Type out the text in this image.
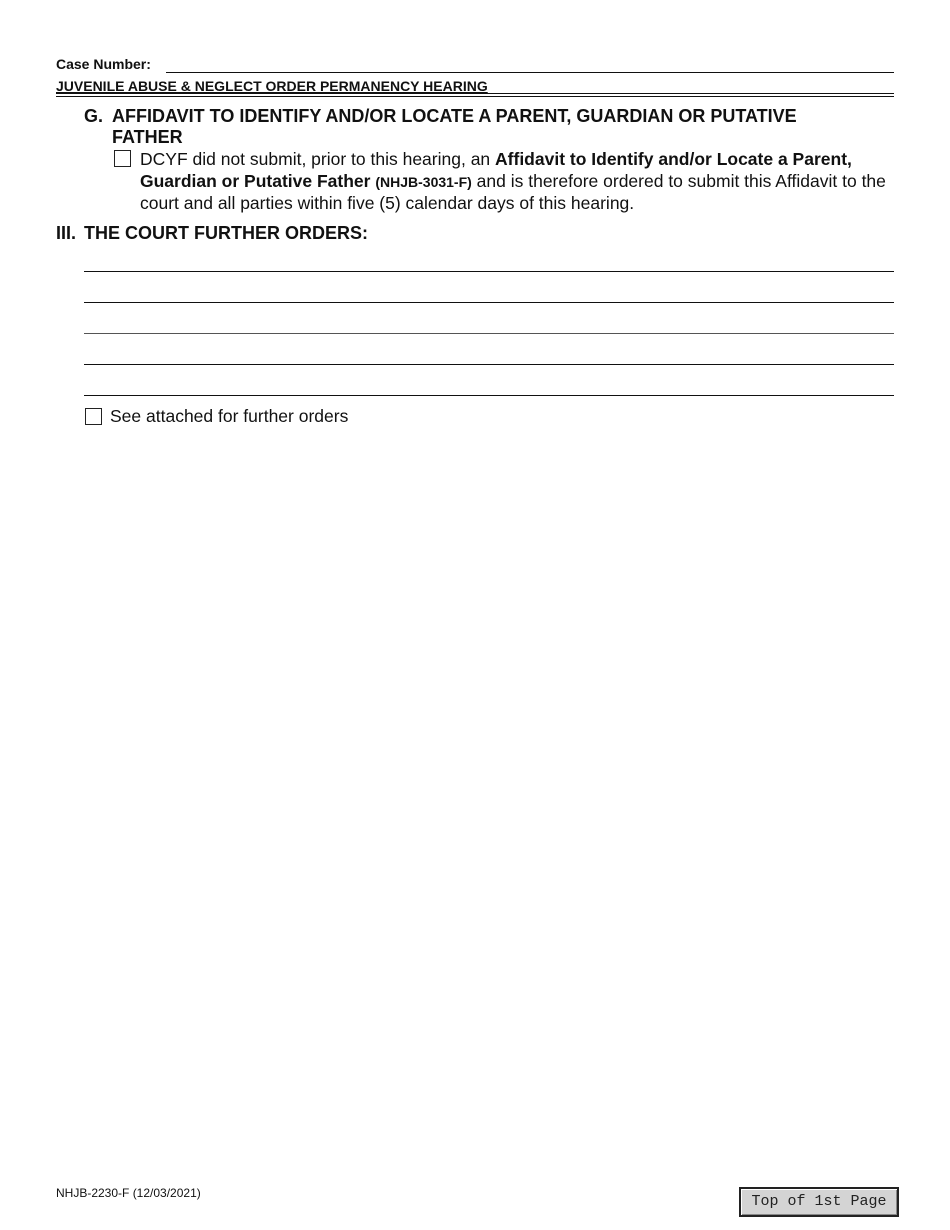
Case Number:
JUVENILE ABUSE & NEGLECT ORDER PERMANENCY HEARING
G. AFFIDAVIT TO IDENTIFY AND/OR LOCATE A PARENT, GUARDIAN OR PUTATIVE FATHER
DCYF did not submit, prior to this hearing, an Affidavit to Identify and/or Locate a Parent, Guardian or Putative Father (NHJB-3031-F) and is therefore ordered to submit this Affidavit to the court and all parties within five (5) calendar days of this hearing.
III. THE COURT FURTHER ORDERS:
See attached for further orders
NHJB-2230-F (12/03/2021)	Top of 1st Page
